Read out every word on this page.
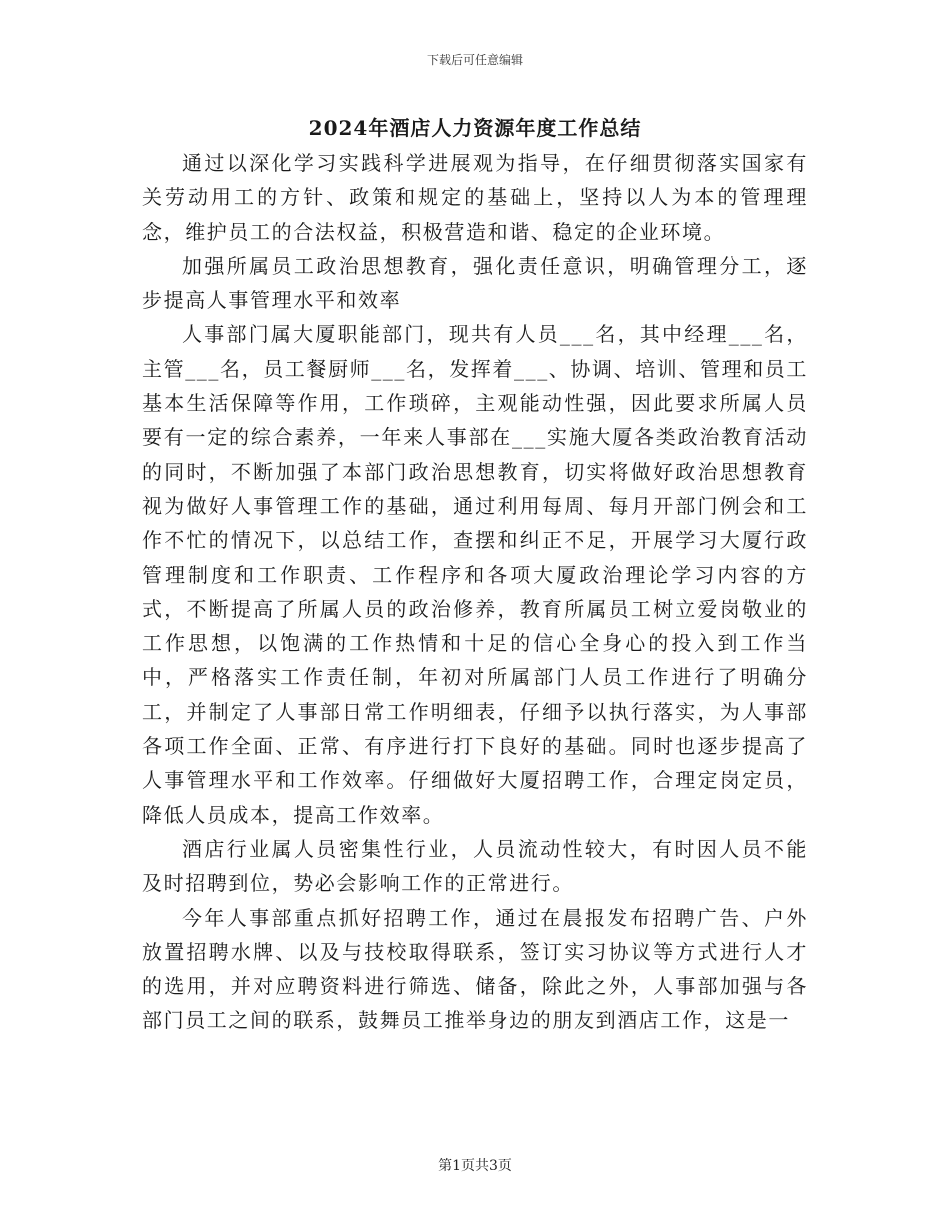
下载后可任意编辑
2024年酒店人力资源年度工作总结

通过以深化学习实践科学进展观为指导，在仔细贯彻落实国家有关劳动用工的方针、政策和规定的基础上，坚持以人为本的管理理念，维护员工的合法权益，积极营造和谐、稳定的企业环境。

加强所属员工政治思想教育，强化责任意识，明确管理分工，逐步提高人事管理水平和效率

人事部门属大厦职能部门，现共有人员___名，其中经理___名，主管___名，员工餐厨师___名，发挥着___、协调、培训、管理和员工基本生活保障等作用，工作琐碎，主观能动性强，因此要求所属人员要有一定的综合素养，一年来人事部在___实施大厦各类政治教育活动的同时，不断加强了本部门政治思想教育，切实将做好政治思想教育视为做好人事管理工作的基础，通过利用每周、每月开部门例会和工作不忙的情况下，以总结工作，查摆和纠正不足，开展学习大厦行政管理制度和工作职责、工作程序和各项大厦政治理论学习内容的方式，不断提高了所属人员的政治修养，教育所属员工树立爱岗敬业的工作思想，以饱满的工作热情和十足的信心全身心的投入到工作当中，严格落实工作责任制，年初对所属部门人员工作进行了明确分工，并制定了人事部日常工作明细表，仔细予以执行落实，为人事部各项工作全面、正常、有序进行打下良好的基础。同时也逐步提高了人事管理水平和工作效率。仔细做好大厦招聘工作，合理定岗定员，降低人员成本，提高工作效率。

酒店行业属人员密集性行业，人员流动性较大，有时因人员不能及时招聘到位，势必会影响工作的正常进行。

今年人事部重点抓好招聘工作，通过在晨报发布招聘广告、户外放置招聘水牌、以及与技校取得联系，签订实习协议等方式进行人才的选用，并对应聘资料进行筛选、储备，除此之外，人事部加强与各部门员工之间的联系，鼓舞员工推举身边的朋友到酒店工作，这是一

第1页共3页
